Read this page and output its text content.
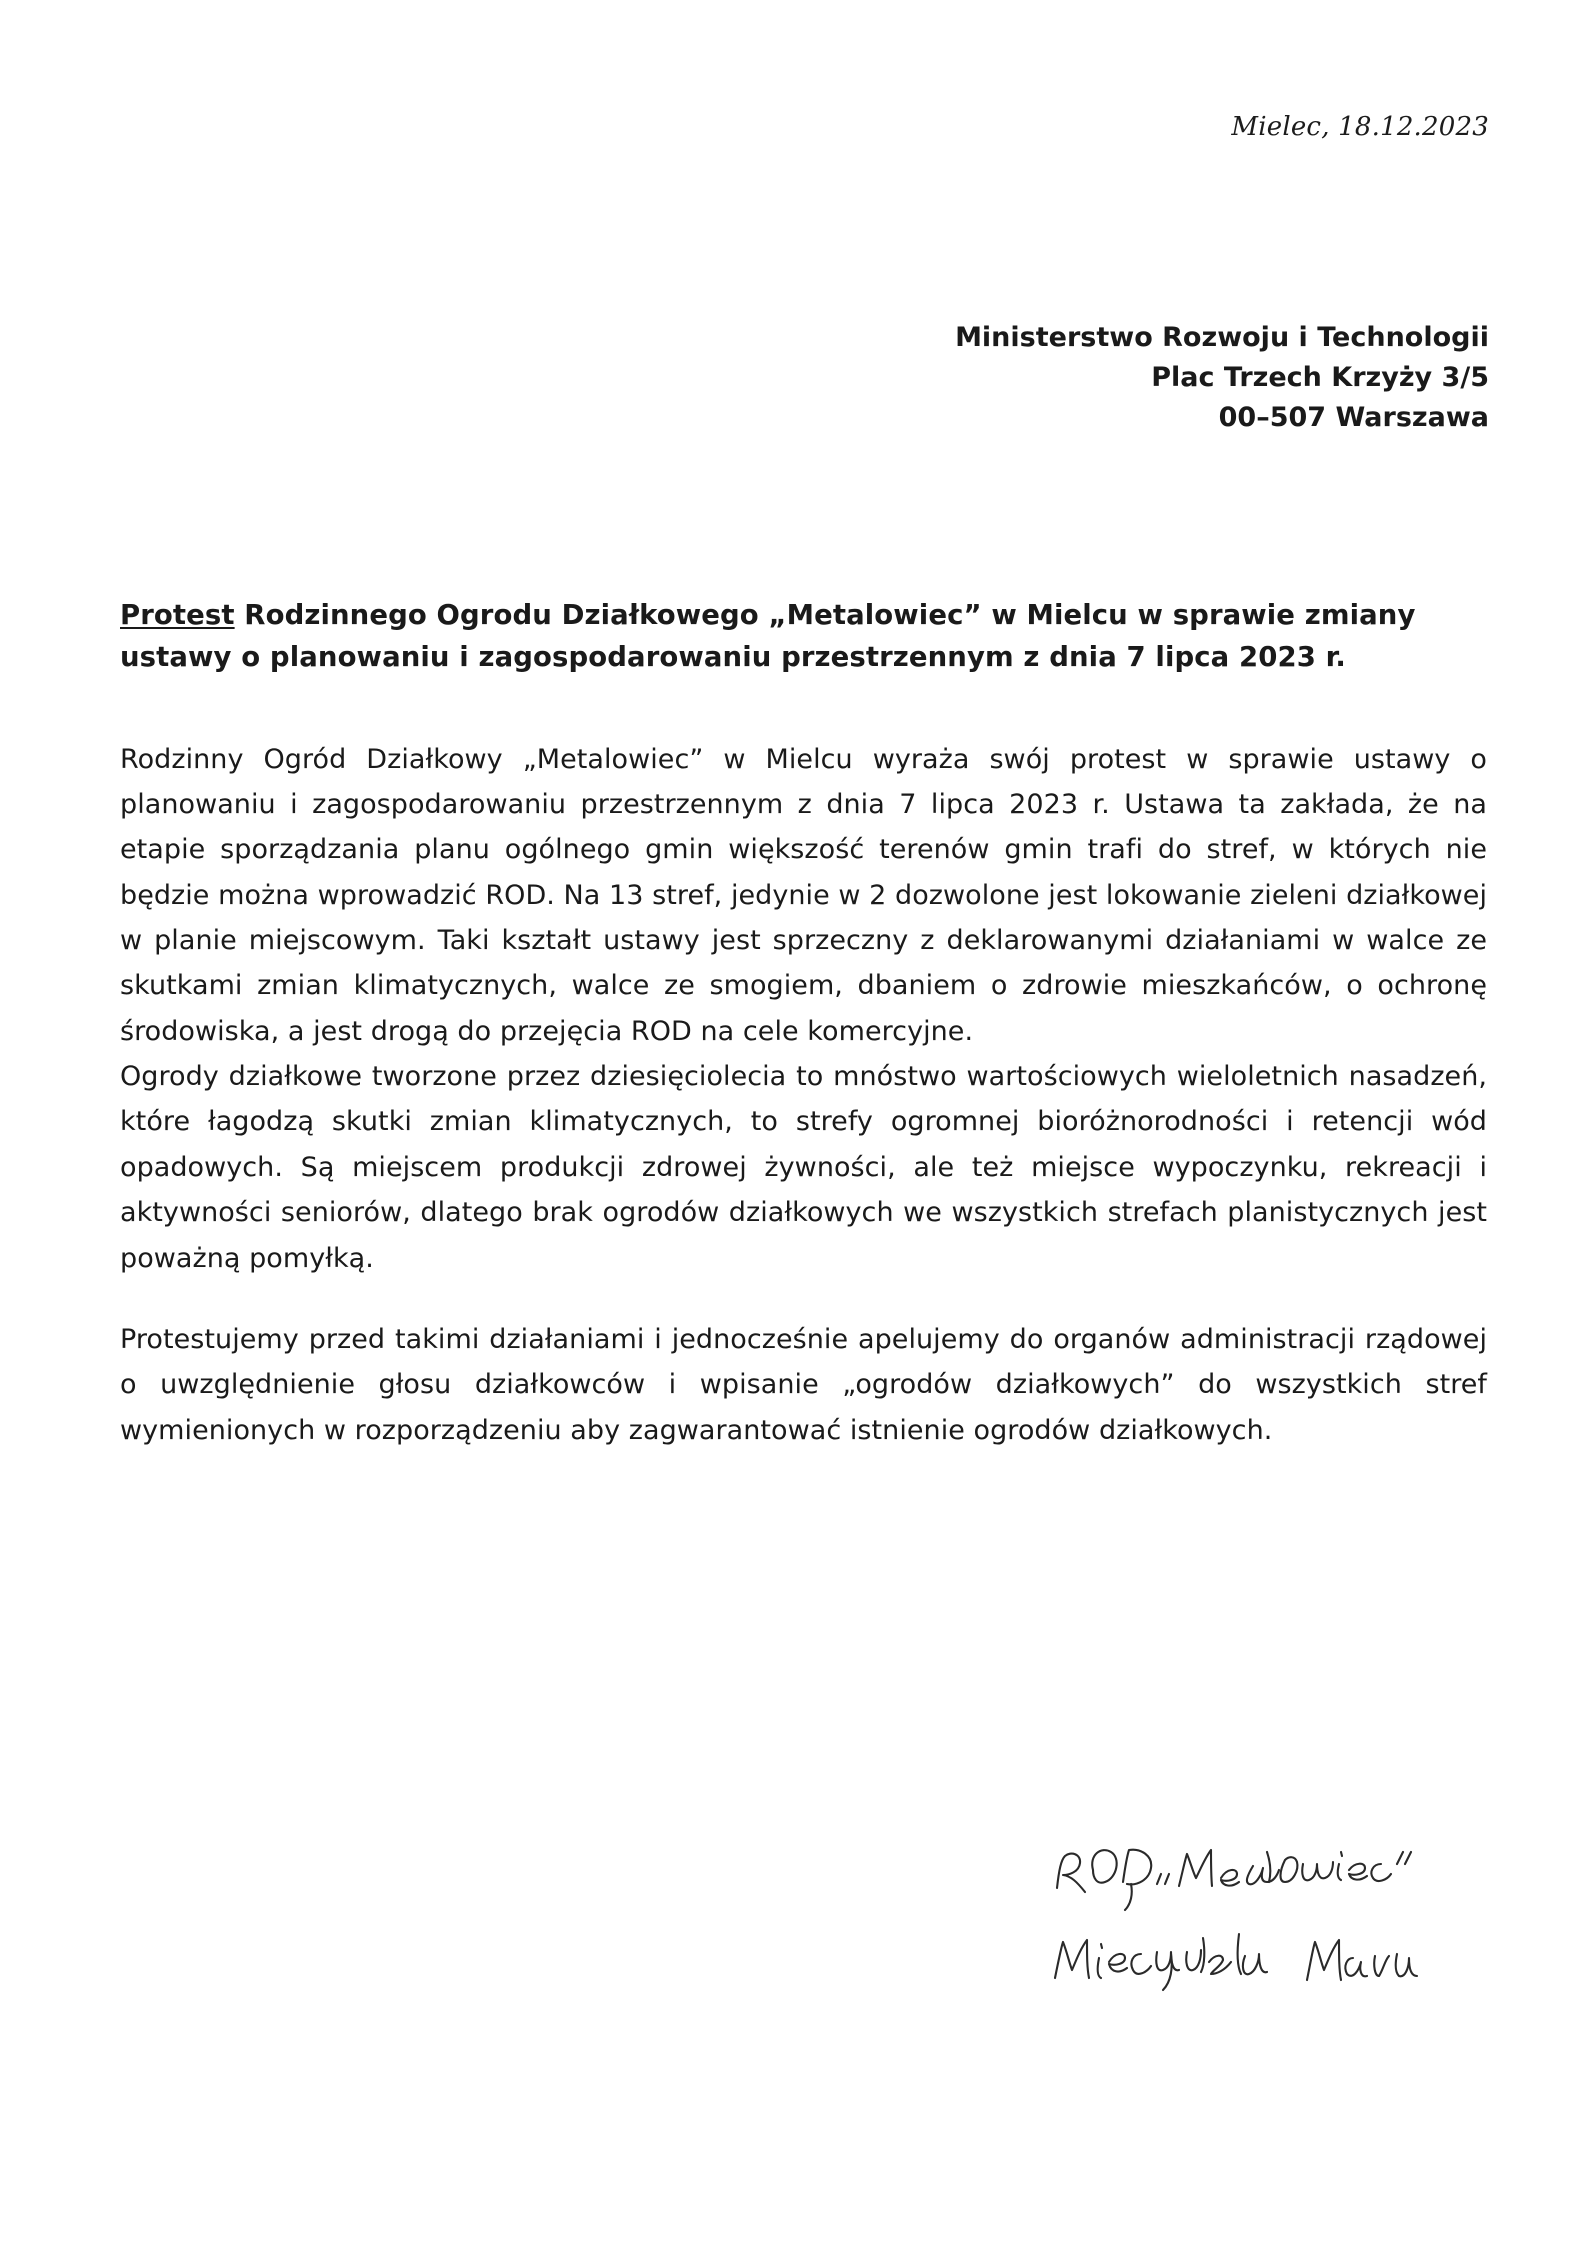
Mielec, 18.12.2023
Ministerstwo Rozwoju i Technologii
Plac Trzech Krzyży 3/5
00–507 Warszawa
Protest Rodzinnego Ogrodu Działkowego „Metalowiec” w Mielcu w sprawie zmiany ustawy o planowaniu i zagospodarowaniu przestrzennym z dnia 7 lipca 2023 r.

Rodzinny Ogród Działkowy „Metalowiec” w Mielcu wyraża swój protest w sprawie ustawy o planowaniu i zagospodarowaniu przestrzennym z dnia 7 lipca 2023 r. Ustawa ta zakłada, że na etapie sporządzania planu ogólnego gmin większość terenów gmin trafi do stref, w których nie będzie można wprowadzić ROD. Na 13 stref, jedynie w 2 dozwolone jest lokowanie zieleni działkowej w planie miejscowym. Taki kształt ustawy jest sprzeczny z deklarowanymi działaniami w walce ze skutkami zmian klimatycznych, walce ze smogiem, dbaniem o zdrowie mieszkańców, o ochronę środowiska, a jest drogą do przejęcia ROD na cele komercyjne.

Ogrody działkowe tworzone przez dziesięciolecia to mnóstwo wartościowych wieloletnich nasadzeń, które łagodzą skutki zmian klimatycznych, to strefy ogromnej bioróżnorodności i retencji wód opadowych. Są miejscem produkcji zdrowej żywności, ale też miejsce wypoczynku, rekreacji i aktywności seniorów, dlatego brak ogrodów działkowych we wszystkich strefach planistycznych jest poważną pomyłką.

Protestujemy przed takimi działaniami i jednocześnie apelujemy do organów administracji rządowej o uwzględnienie głosu działkowców i wpisanie „ogrodów działkowych” do wszystkich stref wymienionych w rozporządzeniu aby zagwarantować istnienie ogrodów działkowych.
